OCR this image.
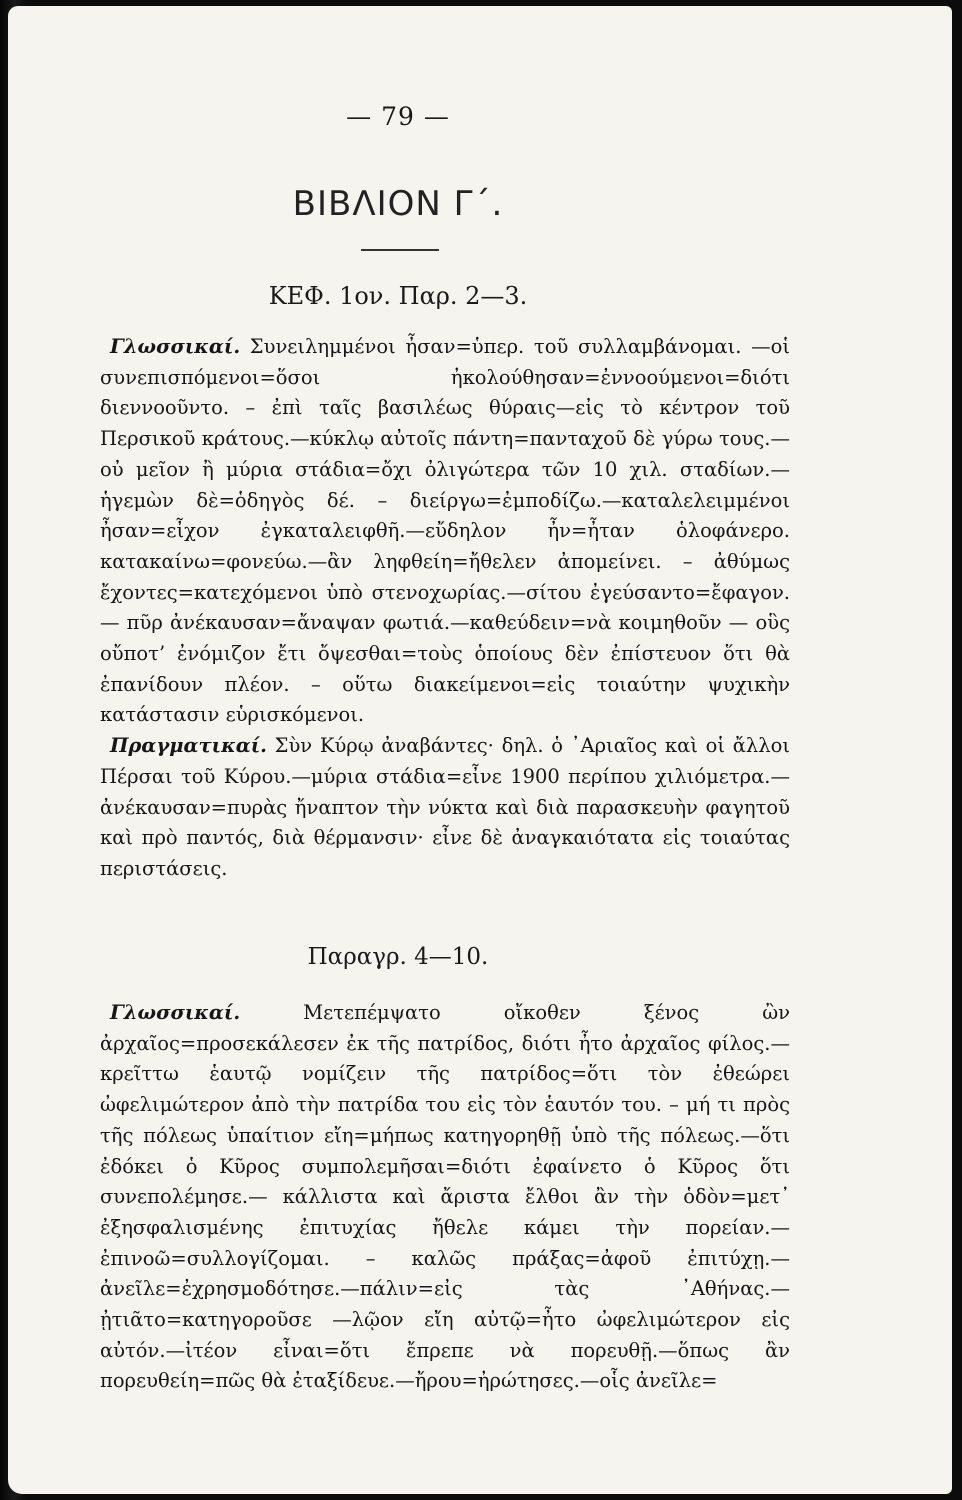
— 79 —
ΒΙΒΛΙΟΝ Γ΄.
ΚΕΦ. 1ον. Παρ. 2—3.

Γλωσσικαί. Συνειλημμένοι ἦσαν=ὑπερ. τοῦ συλλαμβάνομαι. —οἱ συνεπισπόμενοι=ὅσοι ἠκολούθησαν=ἐννοούμενοι=διότι διεννοοῦντο. – ἐπὶ ταῖς βασιλέως θύραις—εἰς τὸ κέντρον τοῦ Περσικοῦ κράτους.—κύκλῳ αὐτοῖς πάντη=πανταχοῦ δὲ γύρω τους.— οὐ μεῖον ἢ μύρια στάδια=ὄχι ὀλιγώτερα τῶν 10 χιλ. σταδίων.— ἡγεμὼν δὲ=ὁδηγὸς δέ. – διείργω=ἐμποδίζω.—καταλελειμμένοι ἦσαν=εἶχον ἐγκαταλειφθῆ.—εὔδηλον ἦν=ἦταν ὁλοφάνερο. κατακαίνω=φονεύω.—ἂν ληφθείη=ἤθελεν ἀπομείνει. – ἀθύμως ἔχοντες=κατεχόμενοι ὑπὸ στενοχωρίας.—σίτου ἐγεύσαντο=ἔφαγον.— πῦρ ἀνέκαυσαν=ἄναψαν φωτιά.—καθεύδειν=νὰ κοιμηθοῦν — οὓς οὔποτ’ ἐνόμιζον ἔτι ὄψεσθαι=τοὺς ὁποίους δὲν ἐπίστευον ὅτι θὰ ἐπανίδουν πλέον. – οὕτω διακείμενοι=εἰς τοιαύτην ψυχικὴν κατάστασιν εὑρισκόμενοι.

Πραγματικαί. Σὺν Κύρῳ ἀναβάντες· δηλ. ὁ ᾽Αριαῖος καὶ οἱ ἄλλοι Πέρσαι τοῦ Κύρου.—μύρια στάδια=εἶνε 1900 περίπου χιλιόμετρα.—ἀνέκαυσαν=πυρὰς ἤναπτον τὴν νύκτα καὶ διὰ παρασκευὴν φαγητοῦ καὶ πρὸ παντός, διὰ θέρμανσιν· εἶνε δὲ ἀναγκαιότατα εἰς τοιαύτας περιστάσεις.

Παραγρ. 4—10.

Γλωσσικαί. Μετεπέμψατο οἴκοθεν ξένος ὢν ἀρχαῖος=προσεκάλεσεν ἐκ τῆς πατρίδος, διότι ἦτο ἀρχαῖος φίλος.—κρεῖττω ἑαυτῷ νομίζειν τῆς πατρίδος=ὅτι τὸν ἐθεώρει ὠφελιμώτερον ἀπὸ τὴν πατρίδα του εἰς τὸν ἑαυτόν του. – μή τι πρὸς τῆς πόλεως ὑπαίτιον εἴη=μήπως κατηγορηθῇ ὑπὸ τῆς πόλεως.—ὅτι ἐδόκει ὁ Κῦρος συμπολεμῆσαι=διότι ἐφαίνετο ὁ Κῦρος ὅτι συνεπολέμησε.— κάλλιστα καὶ ἄριστα ἔλθοι ἂν τὴν ὁδὸν=μετ᾽ ἐξησφαλισμένης ἐπιτυχίας ἤθελε κάμει τὴν πορείαν.—ἐπινοῶ=συλλογίζομαι. – καλῶς πράξας=ἀφοῦ ἐπιτύχῃ.—ἀνεῖλε=ἐχρησμοδότησε.—πάλιν=εἰς τὰς ᾽Αθήνας.—ᾐτιᾶτο=κατηγοροῦσε —λῷον εἴη αὐτῷ=ἦτο ὠφελιμώτερον εἰς αὐτόν.—ἰτέον εἶναι=ὅτι ἔπρεπε νὰ πορευθῇ.—ὅπως ἂν πορευθείη=πῶς θὰ ἐταξίδευε.—ἤρου=ἠρώτησες.—οἷς ἀνεῖλε=
